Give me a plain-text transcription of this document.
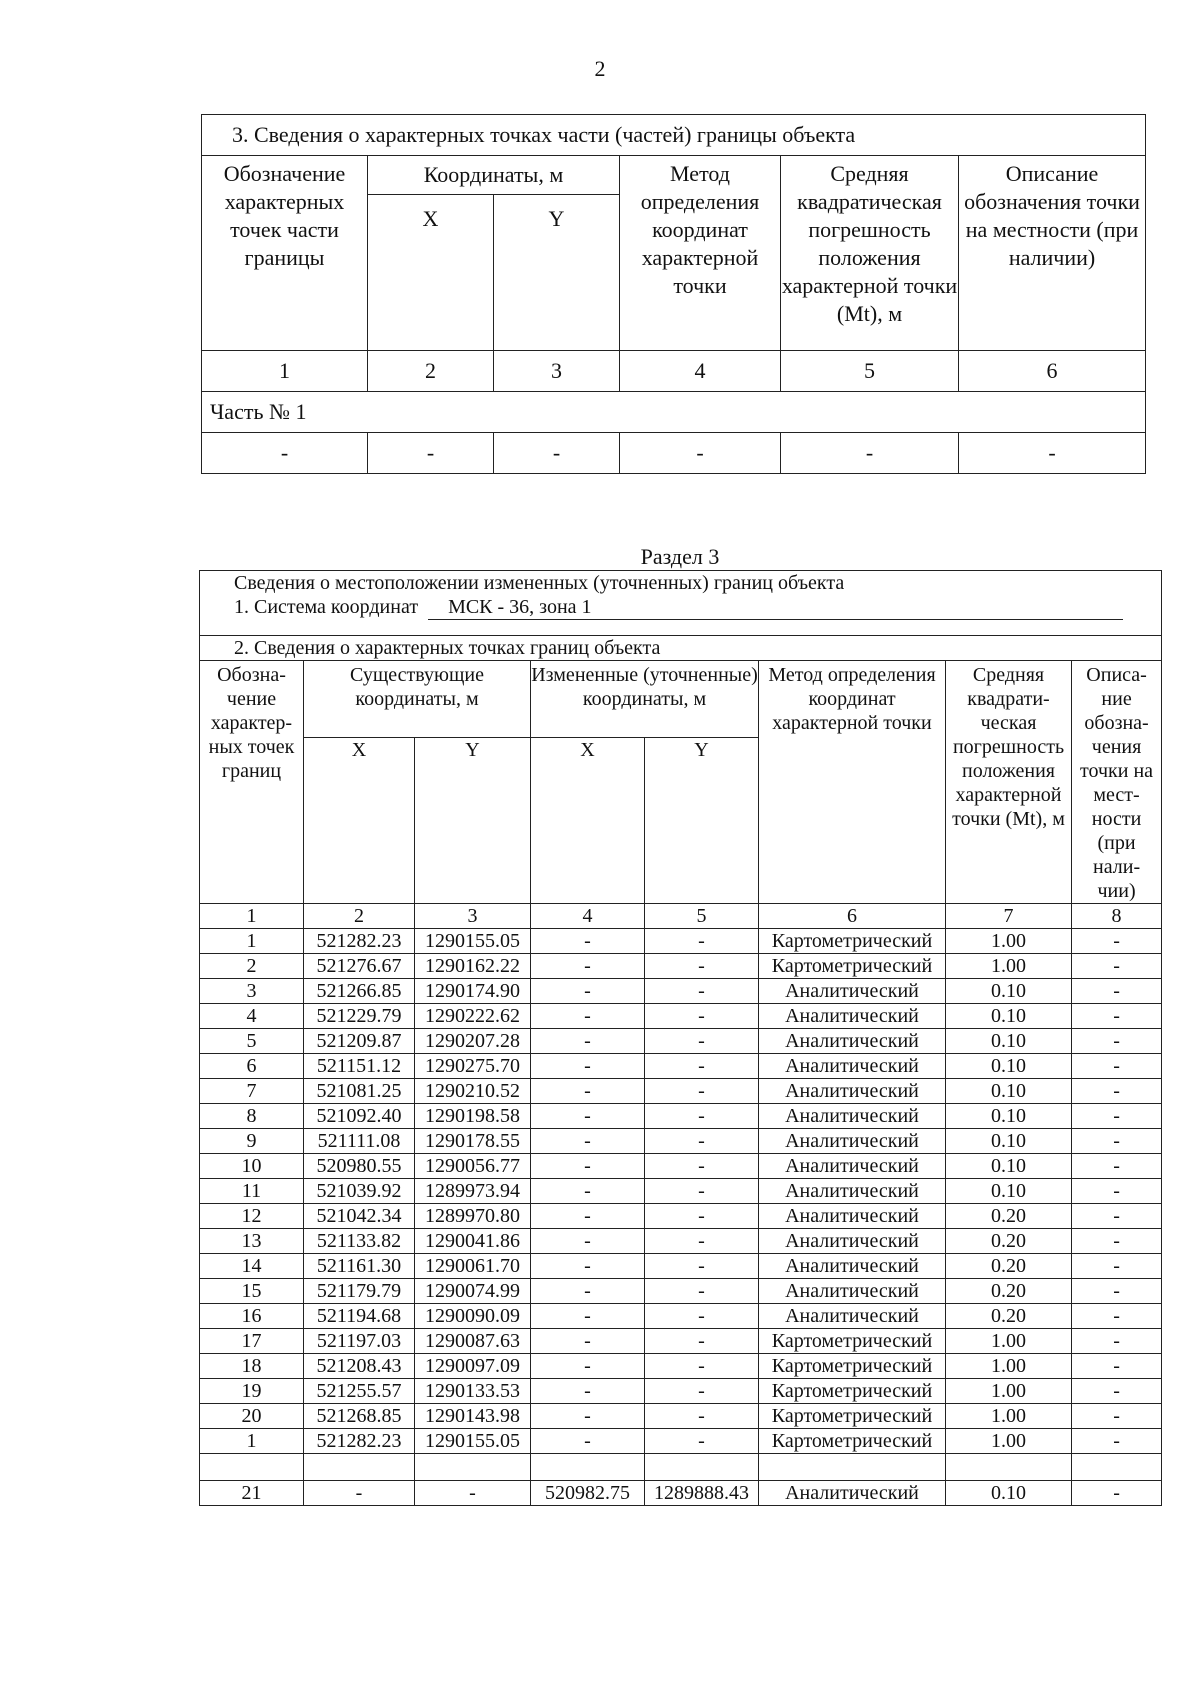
2
3. Сведения о характерных точках части (частей) границы объекта					
Обозначение характерных точек части границы	Координаты, м		Метод определения координат характерной точки	Средняя квадратическая погрешность положения характерной точки (Mt), м	Описание обозначения точки на местности (при наличии)
	X	Y			
1	2	3	4	5	6
Часть № 1					
-	-	-	-	-	-
Раздел 3
Сведения о местоположении измененных (уточненных) границ объекта							
1. Система координат МСК - 36, зона 1							
2. Сведения о характерных точках границ объекта							
Обозна- чение характер- ных точек границ	Существующие координаты, м		Измененные (уточненные) координаты, м		Метод определения координат характерной точки	Средняя квадрати- ческая погрешность положения характерной точки (Mt), м	Описа- ние обозна- чения точки на мест- ности (при нали- чии)
	X	Y	X	Y			
1	2	3	4	5	6	7	8
1	521282.23	1290155.05	-	-	Картометрический	1.00	-
2	521276.67	1290162.22	-	-	Картометрический	1.00	-
3	521266.85	1290174.90	-	-	Аналитический	0.10	-
4	521229.79	1290222.62	-	-	Аналитический	0.10	-
5	521209.87	1290207.28	-	-	Аналитический	0.10	-
6	521151.12	1290275.70	-	-	Аналитический	0.10	-
7	521081.25	1290210.52	-	-	Аналитический	0.10	-
8	521092.40	1290198.58	-	-	Аналитический	0.10	-
9	521111.08	1290178.55	-	-	Аналитический	0.10	-
10	520980.55	1290056.77	-	-	Аналитический	0.10	-
11	521039.92	1289973.94	-	-	Аналитический	0.10	-
12	521042.34	1289970.80	-	-	Аналитический	0.20	-
13	521133.82	1290041.86	-	-	Аналитический	0.20	-
14	521161.30	1290061.70	-	-	Аналитический	0.20	-
15	521179.79	1290074.99	-	-	Аналитический	0.20	-
16	521194.68	1290090.09	-	-	Аналитический	0.20	-
17	521197.03	1290087.63	-	-	Картометрический	1.00	-
18	521208.43	1290097.09	-	-	Картометрический	1.00	-
19	521255.57	1290133.53	-	-	Картометрический	1.00	-
20	521268.85	1290143.98	-	-	Картометрический	1.00	-
1	521282.23	1290155.05	-	-	Картометрический	1.00	-

21	-	-	520982.75	1289888.43	Аналитический	0.10	-
